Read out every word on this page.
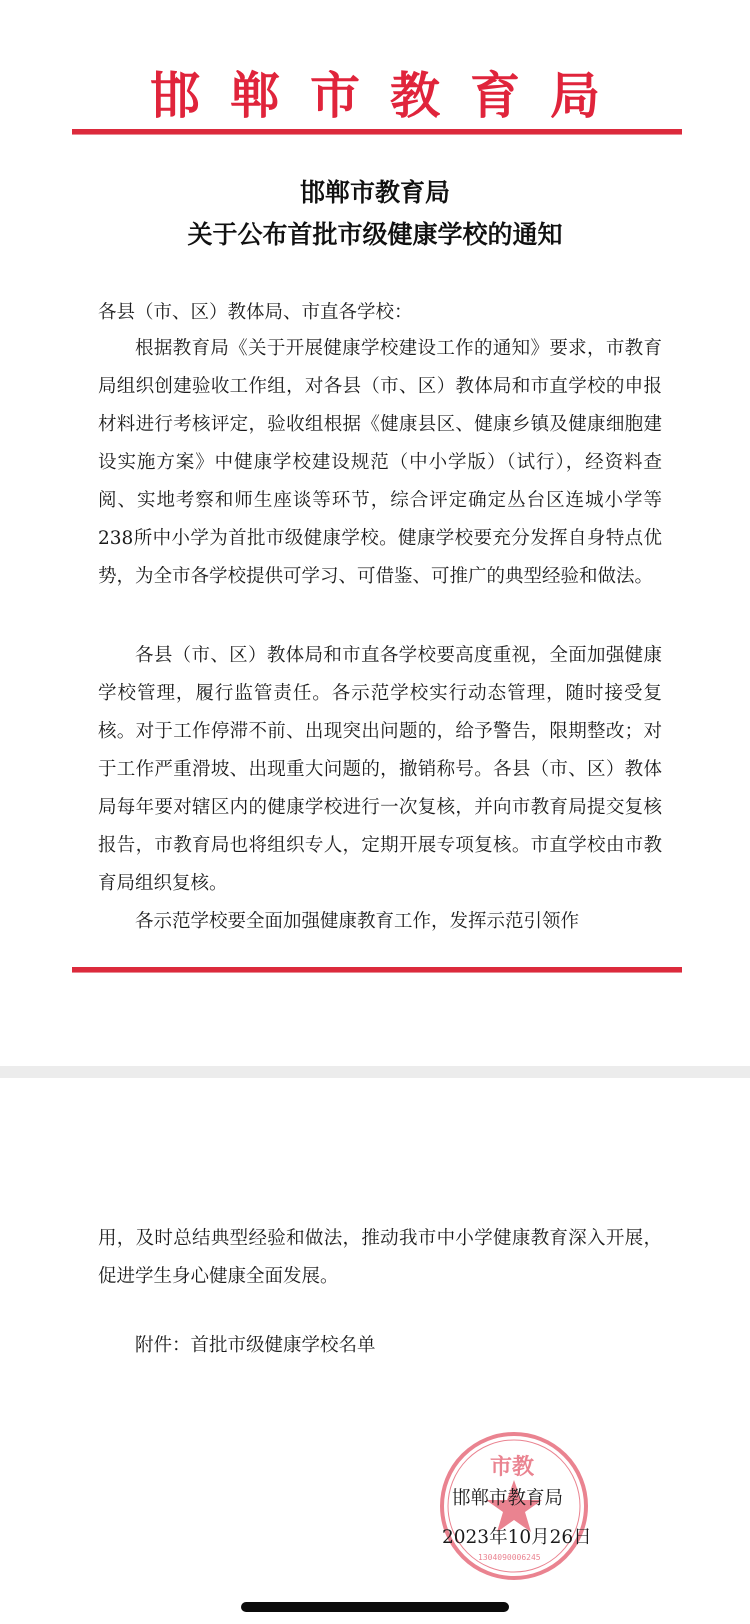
邯郸市教育局
邯郸市教育局
关于公布首批市级健康学校的通知

各县（市、区）教体局、市直各学校：

根据教育局《关于开展健康学校建设工作的通知》要求，市教育局组织创建验收工作组，对各县（市、区）教体局和市直学校的申报材料进行考核评定，验收组根据《健康县区、健康乡镇及健康细胞建设实施方案》中健康学校建设规范（中小学版）（试行），经资料查阅、实地考察和师生座谈等环节，综合评定确定丛台区连城小学等238所中小学为首批市级健康学校。健康学校要充分发挥自身特点优势，为全市各学校提供可学习、可借鉴、可推广的典型经验和做法。

各县（市、区）教体局和市直各学校要高度重视，全面加强健康学校管理，履行监管责任。各示范学校实行动态管理，随时接受复核。对于工作停滞不前、出现突出问题的，给予警告，限期整改；对于工作严重滑坡、出现重大问题的，撤销称号。各县（市、区）教体局每年要对辖区内的健康学校进行一次复核，并向市教育局提交复核报告，市教育局也将组织专人，定期开展专项复核。市直学校由市教育局组织复核。

各示范学校要全面加强健康教育工作，发挥示范引领作

用，及时总结典型经验和做法，推动我市中小学健康教育深入开展，促进学生身心健康全面发展。

附件：首批市级健康学校名单

市教
1304090006245
邯郸市教育局
2023年10月26日
